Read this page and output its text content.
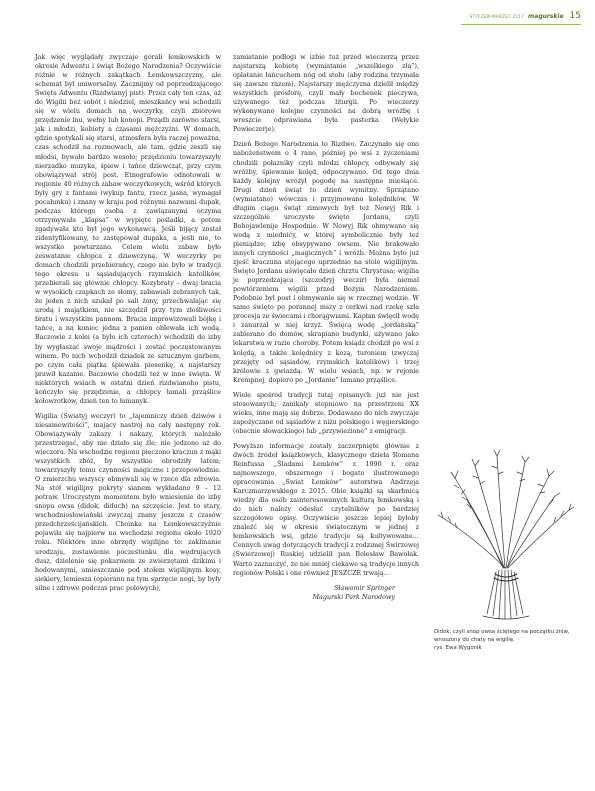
STYCZEŃ-MARZEC 2017 magurskie 15

Jak więc wyglądały zwyczaje górali łemkowskich w okresie Adwentu i świąt Bożego Narodzenia? Oczywiście różnie w różnych zakątkach Łemkowszczyzny, ale schemat był uniwersalny. Zacznijmy od poprzedzającego Święta Adwentu (Rizdwianyj pist). Przez cały ten czas, aż do Wigilii bez sobót i niedziel, mieszkańcy wsi schodzili się w wielu domach na weczyrky, czyli zbiorowe przędzenie lnu, wełny lub konopi. Prządli zarówno starsi, jak i młodzi, kobiety a czasami mężczyźni. W domach, gdzie spotykali się starsi, atmosfera była raczej poważna, czas schodził na rozmowach, ale tam, gdzie zeszli się młodsi, bywało bardzo wesoło; przędzeniu towarzyszyły nierzadko muzyka, śpiew i tańce dziewcząt, przy czym obowiązywał strój post. Etnografowie odnotowali w regionie 40 różnych zabaw weczyrkowych, wśród których były gry z fantami (wykup fantu, rzecz jasna, wymagał pocałunku) i znany w kraju pod różnymi nazwami dupak, podczas którego osoba z zawiązanymi oczyma otrzymywała „klapsa” w wypięte pośladki, a potem zgadywała kto był jego wykonawcą. Jeśli bijący został zidentyfikowany, to zastępował dupaka, a jeśli nie, to wszystko powtarzano. Celem wielu zabaw było zeswatanie chłopca z dziewczyną. W weczyrky po domach chodzili przebierańcy, czego nie było w tradycji tego okresu u sąsiadujących rzymskich katolików, przebierali się głównie chłopcy. Kozybraty – dwaj bracia w wysokich czapkach ze słomy, zabawiali zebranych tak, że jeden z nich szukał po sali żony, przechwalając się urodą i majątkiem, nie szczędził przy tym złośliwości bratu i wszystkim pannom. Bracia improwizowali bójkę i tańce, a na koniec jedna z panien oblewała ich wodą. Baczowie z kolei (a było ich czterech) wchodzili do izby by wygłaszać swoje mądrości i zostać poczęstowanym winem. Po nich wchodził dziadek ze sztucznym garbem, po czym cała piątka śpiewała piosenkę, a najstarszy prawił kazanie. Baczowie chodzili też w inne święta. W niektórych wsiach w ostatni dzień rizdwianoho pistu, kończyło się przędzenie, a chłopcy łamali prząślice kołowrotków, dzień ten to łamanyk.

Wigilia (Swiatyj weczyr) to „tajemniczy dzień dziwów i niesamowitości”, mający nastrój na cały następny rok. Obowiązywały zakazy i nakazy, których należało przestrzegać, aby nie działo się źle; nie jedzono aż do wieczora. Na wschodzie regionu pieczono kraczun z mąki wszystkich zbóż, by wszystkie obrodziły latem; towarzyszyły temu czynności magiczne i przepowiednie. O zmierzchu wszyscy obmywali się w rzece dla zdrowia. Na stół wigilijny pokryty sianem wykładano 9 – 12 potraw. Uroczystym momentem było wniesienie do izby snopu owsa (didok, diduch) na szczęście. Jest to stary, wschodniosłowiański zwyczaj znany jeszcze z czasów przedchrześcijańskich. Choinka na Łemkowszczyźnie pojawiła się najpierw na wschodzie regionu około 1920 roku. Niektóre inne obrzędy wigilijne to: zaklinanie urodzaju, zostawienie pocześtunku dla wędrujących dusz, dzielenie się pokarmem ze zwierzętami dzikimi i hodowanymi, umieszczanie pod stołem wigilijnym kosy, siekiery, lemiesza (opierano na tym sprzęcie nogi, by były silne i zdrowe podczas prac polowych),

zamiatanie podłogi w izbie tuż przed wieczerzą przez najstarszą kobietę (wymiatanie „wszelkiego zła”), oplatanie łańcuchem nóg od stołu (aby rodzina trzymała się zawsze razem). Najstarszy mężczyzna dzielił między wszystkich prosforę, czyli mały bochenek pieczywa, używanego też podczas liturgii. Po wieczerzy wykonywano kolejne czynności na dobrą wróżbę i wreszcie odprawiana była pasterka (Wełykie Powieczerje).

Dzień Bożego Narodzenia to Rizdwo. Zaczynało się ono nabożeństwem o 4 rano, później po wsi z życzeniami chodzili połazniky czyli młodzi chłopcy, odbywały się wróżby, śpiewanie kolęd, odpoczywano. Od tego dnia każdy kolejny wróżył pogodę na następne miesiące. Drugi dzień świąt to dzień wymitny. Sprzątano (wymiatano) wówczas i przyjmowano kolędników. W długim ciągu świąt zimowych był też Nowyj Rik i szczególnie uroczyste święto Jordanu, czyli Bohojawlenije Hospodnie. W Nowyj Rik obmywano się wodą z miednicy, w której symbolicznie były też pieniądze; izbę obsypywano owsem. Nie brakowało innych czynności „magicznych” i wróżb. Można było już zjeść kraczuna stojącego uprzednio na stole wigilijnym. Święto Jordanu uświęcało dzień chrztu Chrystusa; wigilia je poprzedzająca (szczodryj weczir) była niemal powtórzeniem wigilii przed Bożym Narodzeniem. Podobnie był post i obmywanie się w rzecznej wodzie. W samo święto po porannej mszy z cerkwi nad rzekę szła procesja ze świecami i chorągwiami. Kapłan święcił wodę i zanurzał w niej krzyż. Święcą wodę „jordańską” zabierano do domów, skrapiano budynki, używano jako lekarstwa w razie choroby. Potem ksiądz chodził po wsi z kolędą, a także kolędnicy z kozą, turoniem (zwyczaj przejęty od sąsiadów, rzymskich katolików) i trzej królowie z gwiazdą. W wielu wsiach, np. w rejonie Krempnej, dopiero po „Jordanie” łamano prząślice.

Wiele spośród tradycji tutaj opisanych już nie jest stosowanych; zanikały stopniowo na przestrzeni XX wieku, inne mają się dobrze. Dodawano do nich zwyczaje zapożyczane od sąsiadów z niżu polskiego i węgierskiego (obecnie słowackiego) lub „przywiezione” z emigracji.

Powyższe informacje zostały zaczerpnięte głównie z dwóch źródeł książkowych, klasycznego dzieła Romana Reinfussa „Śladami Łemków” z 1990 r. oraz najnowszego, obszernego i bogato ilustrowanego opracowania „Świat Łemków” autorstwa Andrzeja Karczmarzewskiego z 2015. Obie książki są skarbnicą wiedzy dla osób zainteresowanych kulturą łemkowską i do nich należy odesłać czytelników po bardziej szczegółowe opisy. Oczywiście jeszcze lepiej byłoby znaleźć się w okresie świątecznym w jednej z łemkowskich wsi, gdzie tradycje są kultywowane… Cennych uwag dotyczących tradycji z rodzimej Świrzowej (Świerzowej) Ruskiej udzielił pan Bolesław Bawołak. Warto zaznaczyć, że nie mniej ciekawe są tradycje innych regionów Polski i one również JESZCZE trwają…

Sławomir Springer
Magurski Park Narodowy
Didok, czyli snop owsa ściętego na początku żniw, wnoszony do chaty na wigilię.
rys. Ewa Wygonik
